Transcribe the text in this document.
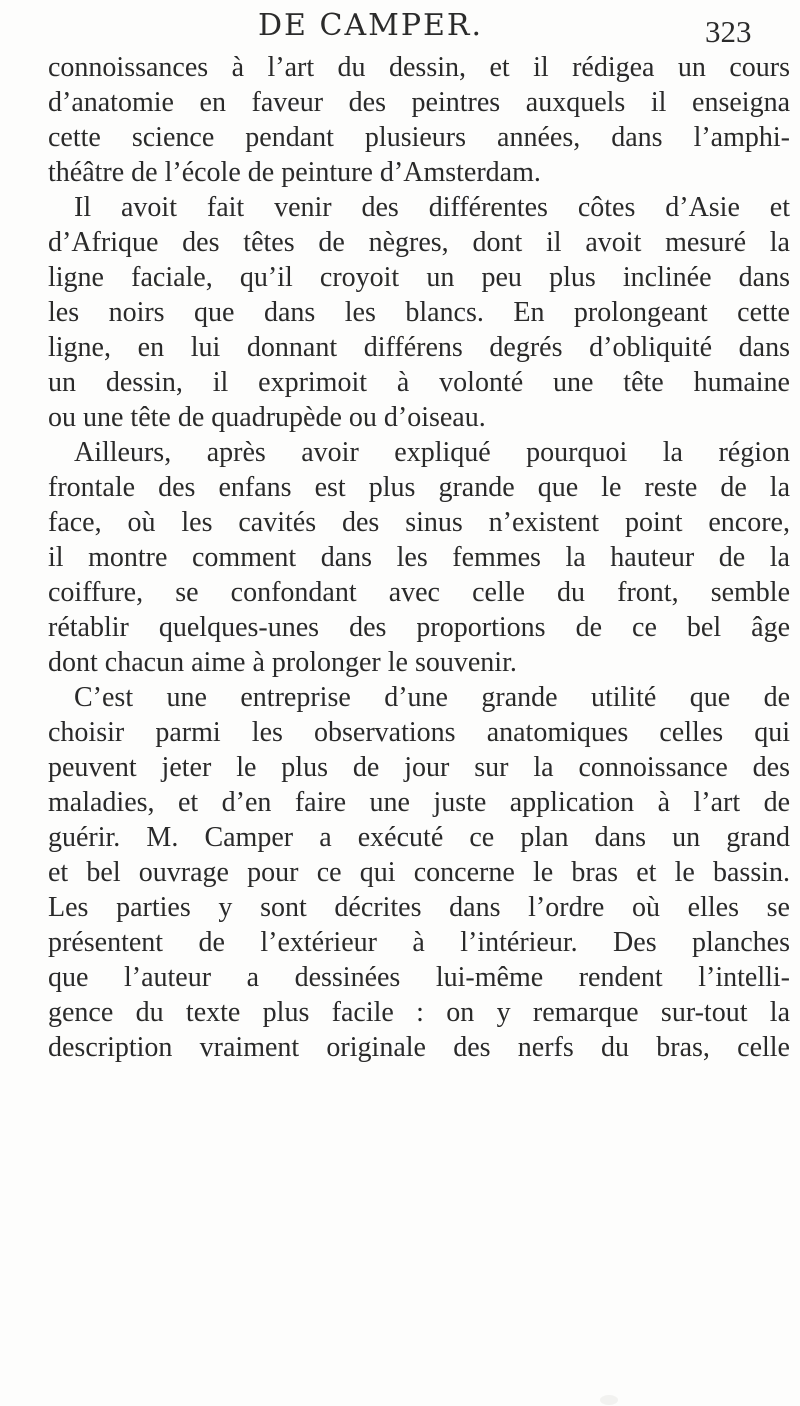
DE CAMPER.	323
connoissances à l’art du dessin, et il rédigea un cours
d’anatomie en faveur des peintres auxquels il enseigna
cette science pendant plusieurs années, dans l’amphi-
théâtre de l’école de peinture d’Amsterdam.
Il avoit fait venir des différentes côtes d’Asie et
d’Afrique des têtes de nègres, dont il avoit mesuré la
ligne faciale, qu’il croyoit un peu plus inclinée dans
les noirs que dans les blancs. En prolongeant cette
ligne, en lui donnant différens degrés d’obliquité dans
un dessin, il exprimoit à volonté une tête humaine
ou une tête de quadrupède ou d’oiseau.
Ailleurs, après avoir expliqué pourquoi la région
frontale des enfans est plus grande que le reste de la
face, où les cavités des sinus n’existent point encore,
il montre comment dans les femmes la hauteur de la
coiffure, se confondant avec celle du front, semble
rétablir quelques-unes des proportions de ce bel âge
dont chacun aime à prolonger le souvenir.
C’est une entreprise d’une grande utilité que de
choisir parmi les observations anatomiques celles qui
peuvent jeter le plus de jour sur la connoissance des
maladies, et d’en faire une juste application à l’art de
guérir. M. Camper a exécuté ce plan dans un grand
et bel ouvrage pour ce qui concerne le bras et le bassin.
Les parties y sont décrites dans l’ordre où elles se
présentent de l’extérieur à l’intérieur. Des planches
que l’auteur a dessinées lui-même rendent l’intelli-
gence du texte plus facile : on y remarque sur-tout la
description vraiment originale des nerfs du bras, celle
